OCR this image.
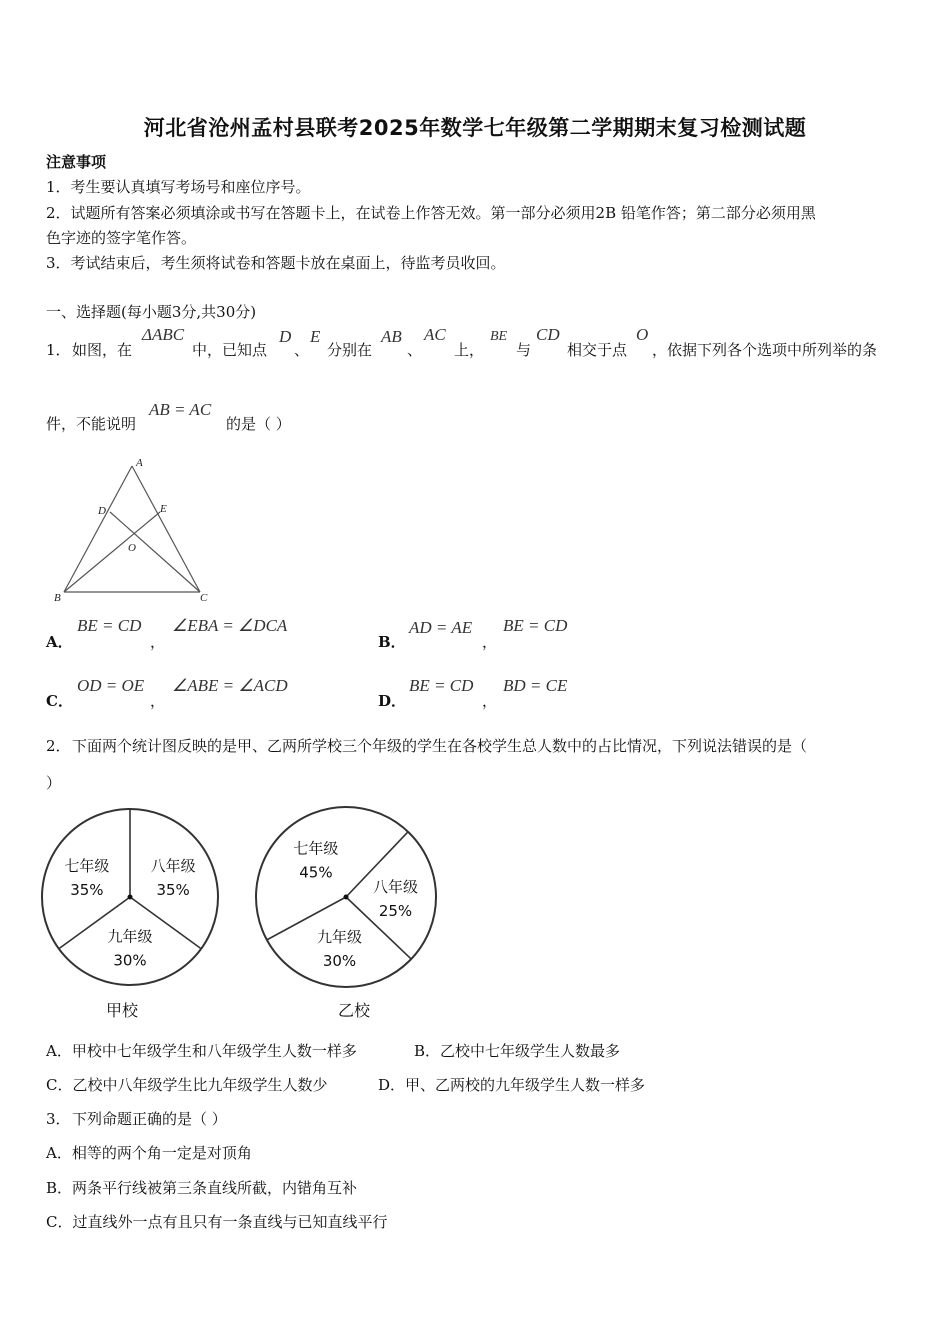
河北省沧州孟村县联考2025年数学七年级第二学期期末复习检测试题
注意事项
1．考生要认真填写考场号和座位序号。
2．试题所有答案必须填涂或书写在答题卡上，在试卷上作答无效。第一部分必须用2B 铅笔作答；第二部分必须用黑
色字迹的签字笔作答。
3．考试结束后，考生须将试卷和答题卡放在桌面上，待监考员收回。
一、选择题(每小题3分,共30分)
1． 如图，在
ΔABC
中，已知点
D
、
E
分别在
AB
、
AC
上，
BE
与
CD
相交于点
O
，依据下列各个选项中所列举的条
件，不能说明
AB = AC
的是（ ）
A
B	C
D	E
O
A．
BE = CD
，
∠EBA = ∠DCA
B．
AD = AE
，
BE = CD
C．
OD = OE
，
∠ABE = ∠ACD
D．
BE = CD
，
BD = CE
2． 下面两个统计图反映的是甲、乙两所学校三个年级的学生在各校学生总人数中的占比情况，下列说法错误的是（
）
七年级
35%
八年级
35%
九年级
30%
七年级
45%
八年级
25%
九年级
30%
甲校	乙校
A．甲校中七年级学生和八年级学生人数一样多	B．乙校中七年级学生人数最多
C．乙校中八年级学生比九年级学生人数少	D．甲、乙两校的九年级学生人数一样多
3． 下列命题正确的是（ ）
A．相等的两个角一定是对顶角
B．两条平行线被第三条直线所截，内错角互补
C．过直线外一点有且只有一条直线与已知直线平行
